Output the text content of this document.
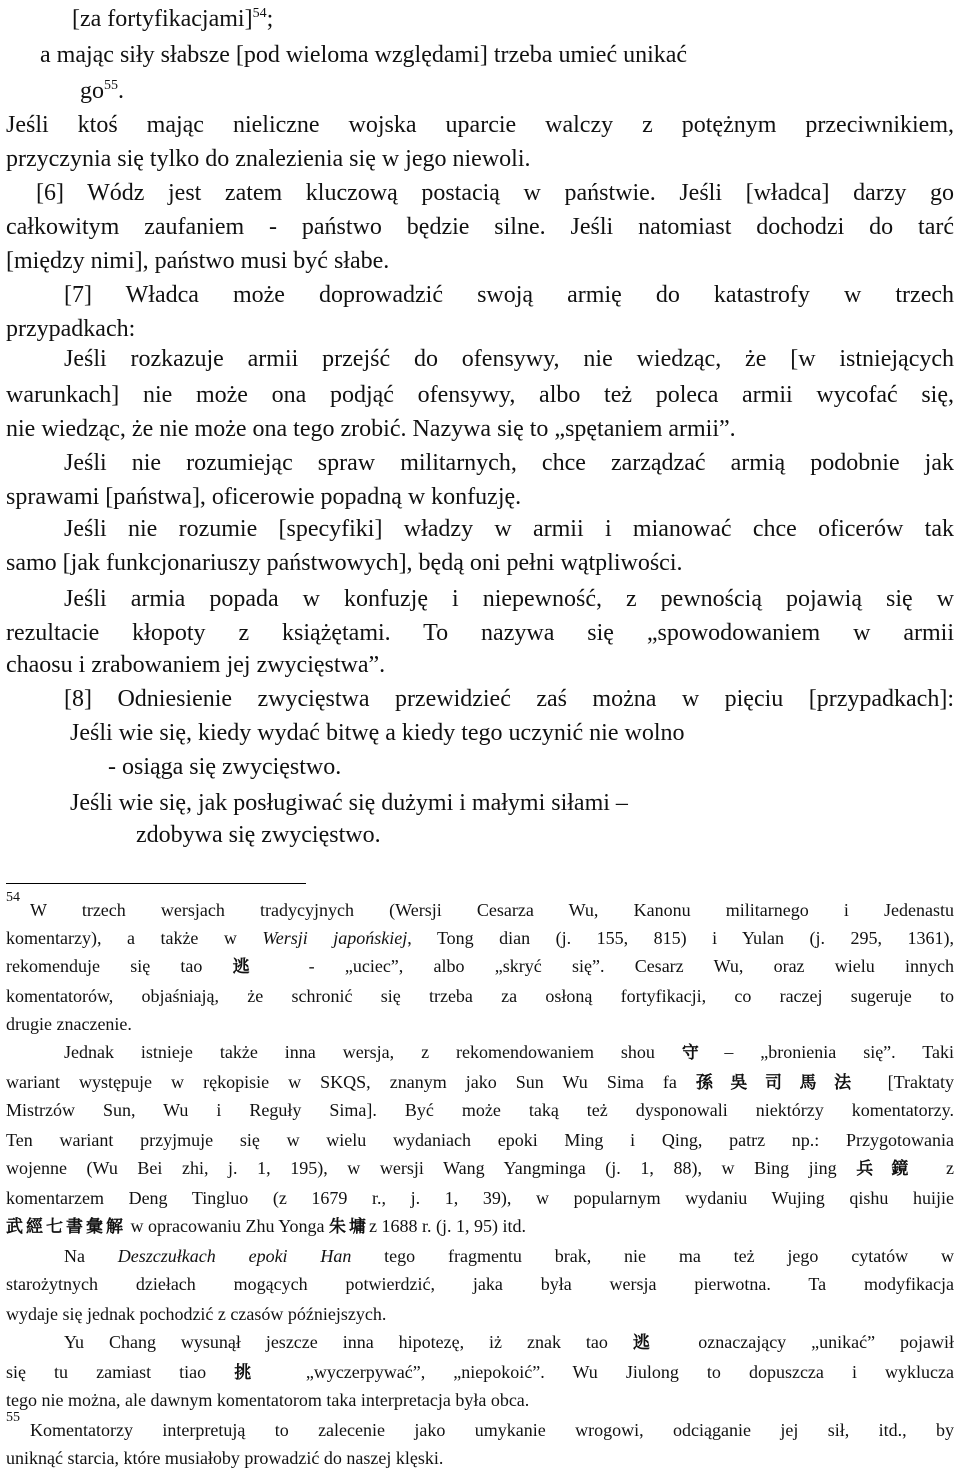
[za fortyfikacjami]$^{54}$;
a mając siły słabsze [pod wieloma względami] trzeba umieć unikać
$go^{55}$.
Jeśli ktoś mając nieliczne wojska uparcie walczy z potężnym przeciwnikiem,
przyczynia się tylko do znalezienia się w jego niewoli.
[6] Wódz jest zatem kluczową postacią w państwie. Jeśli [władca] darzy go
całkowitym zaufaniem - państwo będzie silne. Jeśli natomiast dochodzi do tarć
[między nimi], państwo musi być słabe.
[7] Władca może doprowadzić swoją armię do katastrofy w trzech
przypadkach:
Jeśli rozkazuje armii przejść do ofensywy, nie wiedząc, że [w istniejących
warunkach] nie może ona podjąć ofensywy, albo też poleca armii wycofać się,
nie wiedząc, że nie może ona tego zrobić. Nazywa się to „spętaniem armii”.
Jeśli nie rozumiejąc spraw militarnych, chce zarządzać armią podobnie jak
sprawami [państwa], oficerowie popadną w konfuzję.
Jeśli nie rozumie [specyfiki] władzy w armii i mianować chce oficerów tak
samo [jak funkcjonariuszy państwowych], będą oni pełni wątpliwości.
Jeśli armia popada w konfuzję i niepewność, z pewnością pojawią się w
rezultacie kłopoty z książętami. To nazywa się „spowodowaniem w armii
chaosu i zrabowaniem jej zwycięstwa”.
[8] Odniesienie zwycięstwa przewidzieć zaś można w pięciu [przypadkach]:
Jeśli wie się, kiedy wydać bitwę a kiedy tego uczynić nie wolno
- osiąga się zwycięstwo.
Jeśli wie się, jak posługiwać się dużymi i małymi siłami –
zdobywa się zwycięstwo.
54
W trzech wersjach tradycyjnych (Wersji Cesarza Wu, Kanonu militarnego i Jedenastu
komentarzy), a także w Wersji japońskiej, Tong dian (j. 155, 815) i Yulan (j. 295, 1361),
rekomenduje się tao 逃 - „uciec”, albo „skryć się”. Cesarz Wu, oraz wielu innych
komentatorów, objaśniają, że schronić się trzeba za osłoną fortyfikacji, co raczej sugeruje to
drugie znaczenie.
Jednak istnieje także inna wersja, z rekomendowaniem shou 守– „bronienia się”. Taki
wariant występuje w rękopisie w SKQS, znanym jako Sun Wu Sima fa 孫吳司馬法 [Traktaty
Mistrzów Sun, Wu i Reguły Sima]. Być może taką też dysponowali niektórzy komentatorzy.
Ten wariant przyjmuje się w wielu wydaniach epoki Ming i Qing, patrz np.: Przygotowania
wojenne (Wu Bei zhi, j. 1, 195), w wersji Wang Yangminga (j. 1, 88), w Bing jing 兵鏡 z
komentarzem Deng Tingluo (z 1679 r., j. 1, 39), w popularnym wydaniu Wujing qishu huijie
武經七書彙解 w opracowaniu Zhu Yonga 朱墉z 1688 r. (j. 1, 95) itd.
Na Deszczułkach epoki Han tego fragmentu brak, nie ma też jego cytatów w
starożytnych dziełach mogących potwierdzić, jaka była wersja pierwotna. Ta modyfikacja
wydaje się jednak pochodzić z czasów późniejszych.
Yu Chang wysunął jeszcze inna hipotezę, iż znak tao 逃 oznaczający „unikać” pojawił
się tu zamiast tiao 挑 „wyczerpywać”, „niepokoić”. Wu Jiulong to dopuszcza i wyklucza
tego nie można, ale dawnym komentatorom taka interpretacja była obca.
55
Komentatorzy interpretują to zalecenie jako umykanie wrogowi, odciąganie jej sił, itd., by
uniknąć starcia, które musiałoby prowadzić do naszej klęski.
